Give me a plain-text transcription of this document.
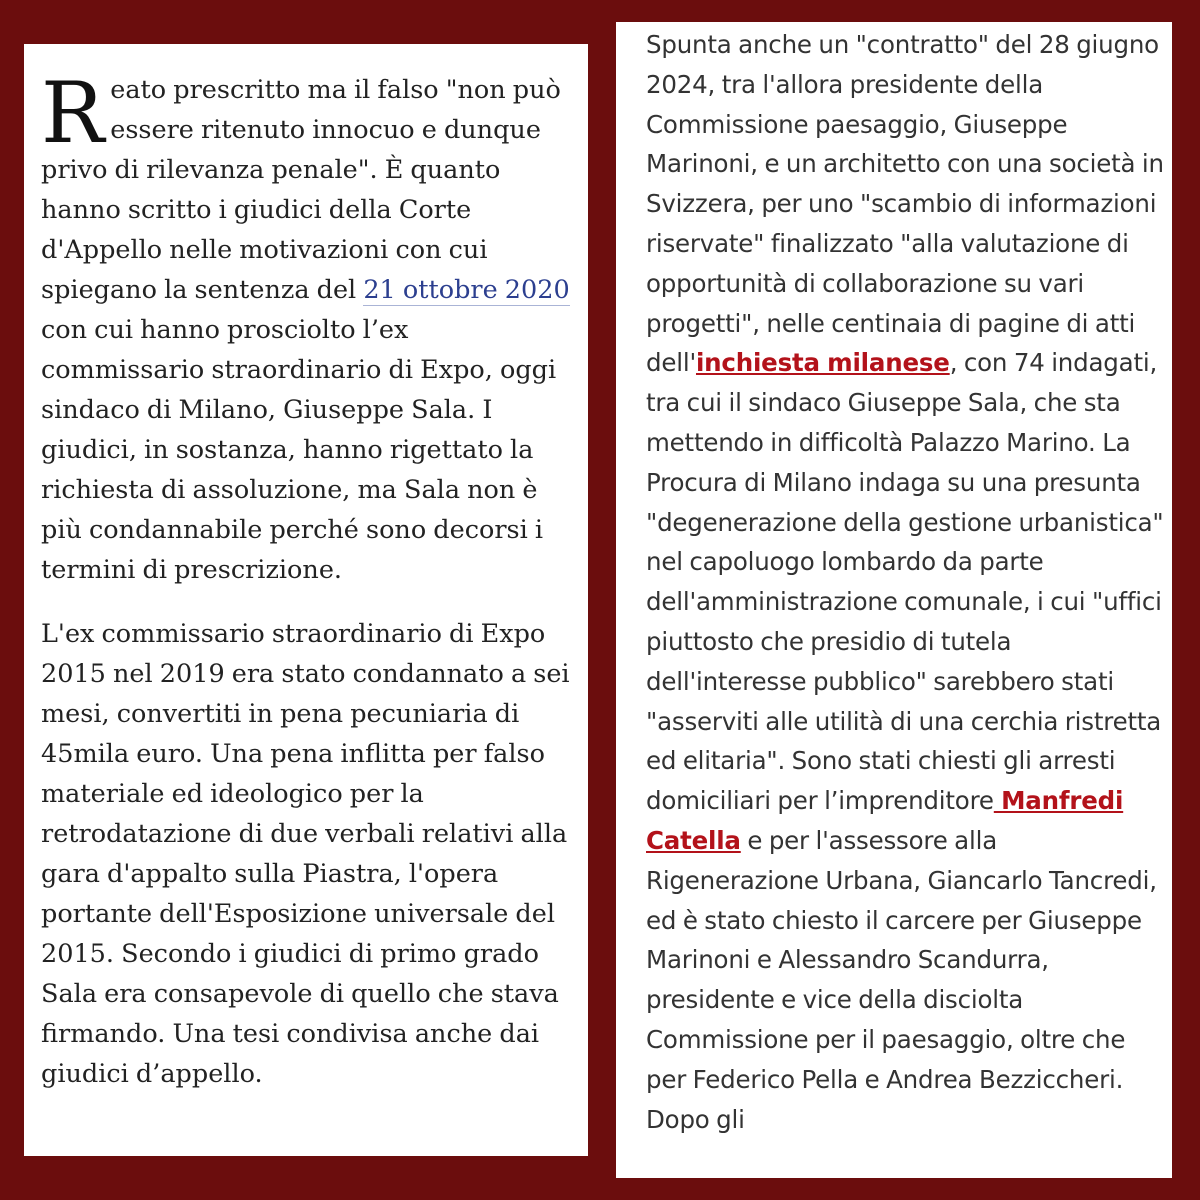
Reato prescritto ma il falso "non può essere ritenuto innocuo e dunque privo di rilevanza penale". È quanto hanno scritto i giudici della Corte d'Appello nelle motivazioni con cui spiegano la sentenza del 21 ottobre 2020 con cui hanno prosciolto l’ex commissario straordinario di Expo, oggi sindaco di Milano, Giuseppe Sala. I giudici, in sostanza, hanno rigettato la richiesta di assoluzione, ma Sala non è più condannabile perché sono decorsi i termini di prescrizione.

L'ex commissario straordinario di Expo 2015 nel 2019 era stato condannato a sei mesi, convertiti in pena pecuniaria di 45mila euro. Una pena inflitta per falso materiale ed ideologico per la retrodatazione di due verbali relativi alla gara d'appalto sulla Piastra, l'opera portante dell'Esposizione universale del 2015. Secondo i giudici di primo grado Sala era consapevole di quello che stava firmando. Una tesi condivisa anche dai giudici d’appello.

Spunta anche un "contratto" del 28 giugno 2024, tra l'allora presidente della Commissione paesaggio, Giuseppe Marinoni, e un architetto con una società in Svizzera, per uno "scambio di informazioni riservate" finalizzato "alla valutazione di opportunità di collaborazione su vari progetti", nelle centinaia di pagine di atti dell'inchiesta milanese, con 74 indagati, tra cui il sindaco Giuseppe Sala, che sta mettendo in difficoltà Palazzo Marino. La Procura di Milano indaga su una presunta "degenerazione della gestione urbanistica" nel capoluogo lombardo da parte dell'amministrazione comunale, i cui "uffici piuttosto che presidio di tutela dell'interesse pubblico" sarebbero stati "asserviti alle utilità di una cerchia ristretta ed elitaria". Sono stati chiesti gli arresti domiciliari per l’imprenditore Manfredi Catella e per l'assessore alla Rigenerazione Urbana, Giancarlo Tancredi, ed è stato chiesto il carcere per Giuseppe Marinoni e Alessandro Scandurra, presidente e vice della disciolta Commissione per il paesaggio, oltre che per Federico Pella e Andrea Bezziccheri. Dopo gli
